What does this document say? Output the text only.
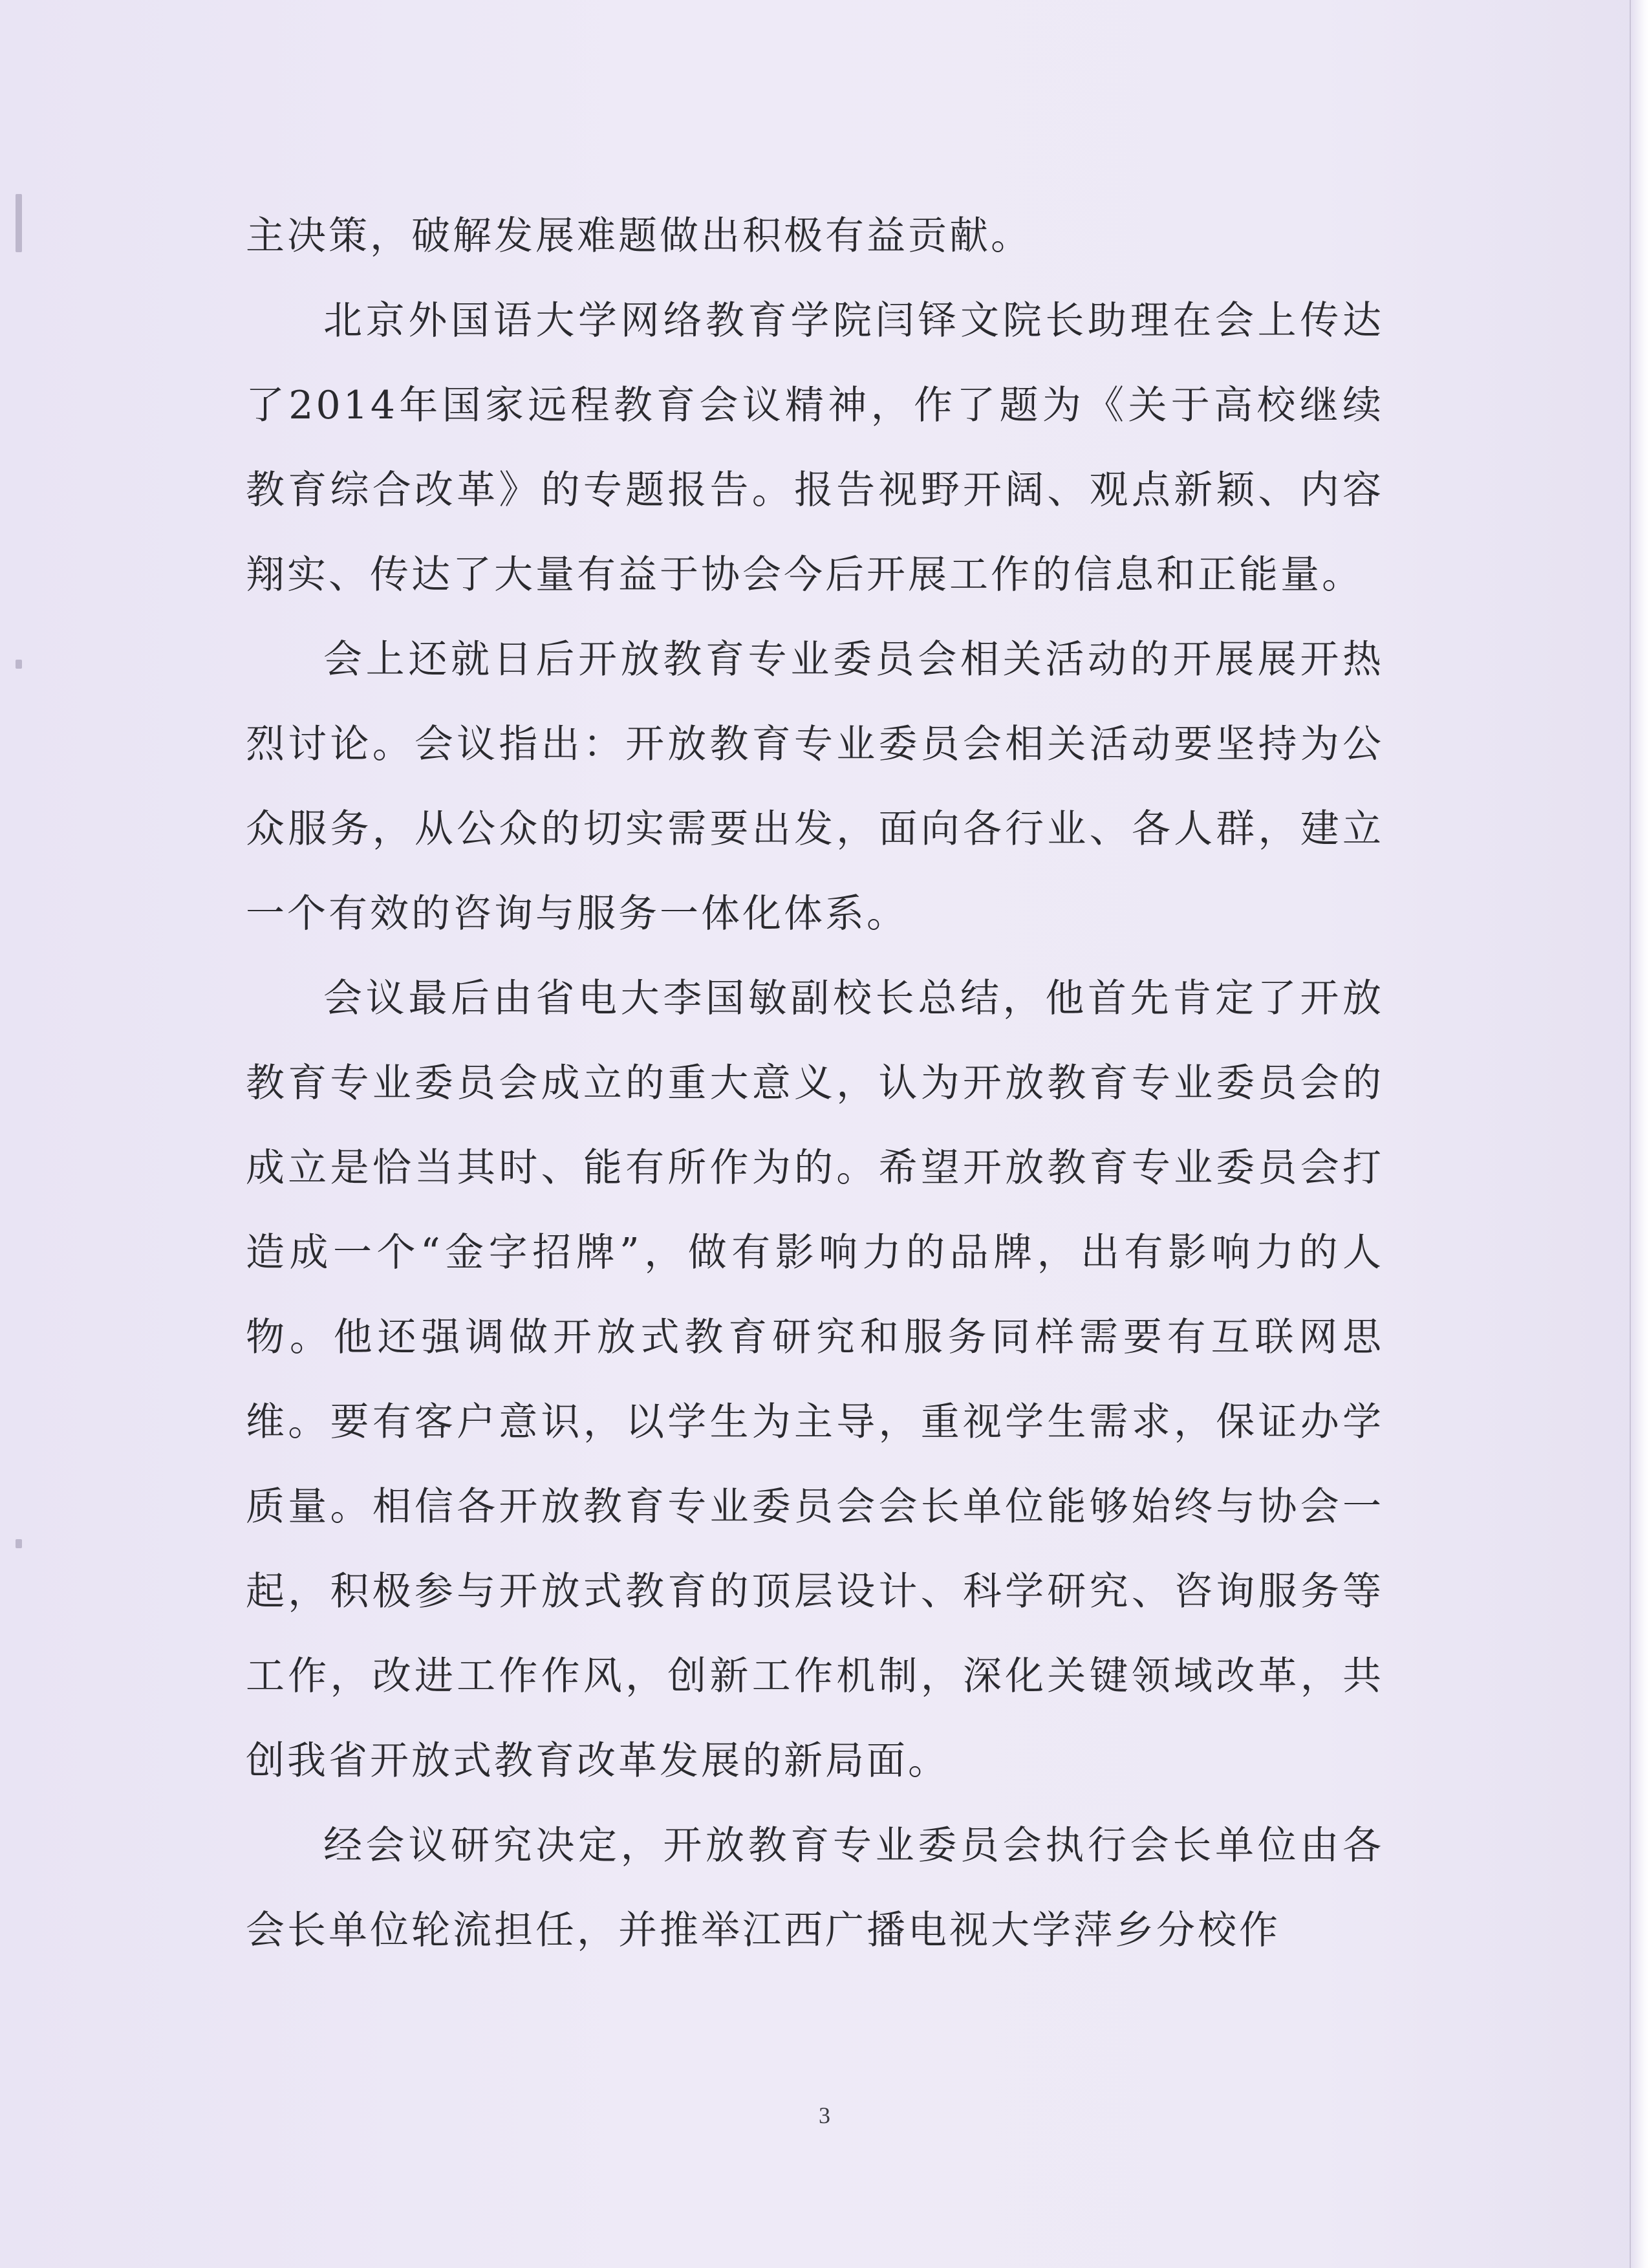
主决策，破解发展难题做出积极有益贡献。

北京外国语大学网络教育学院闫铎文院长助理在会上传达了2014年国家远程教育会议精神，作了题为《关于高校继续教育综合改革》的专题报告。报告视野开阔、观点新颖、内容翔实、传达了大量有益于协会今后开展工作的信息和正能量。

会上还就日后开放教育专业委员会相关活动的开展展开热烈讨论。会议指出：开放教育专业委员会相关活动要坚持为公众服务，从公众的切实需要出发，面向各行业、各人群，建立一个有效的咨询与服务一体化体系。

会议最后由省电大李国敏副校长总结，他首先肯定了开放教育专业委员会成立的重大意义，认为开放教育专业委员会的成立是恰当其时、能有所作为的。希望开放教育专业委员会打造成一个“金字招牌”，做有影响力的品牌，出有影响力的人物。他还强调做开放式教育研究和服务同样需要有互联网思维。要有客户意识，以学生为主导，重视学生需求，保证办学质量。相信各开放教育专业委员会会长单位能够始终与协会一起，积极参与开放式教育的顶层设计、科学研究、咨询服务等工作，改进工作作风，创新工作机制，深化关键领域改革，共创我省开放式教育改革发展的新局面。

经会议研究决定，开放教育专业委员会执行会长单位由各会长单位轮流担任，并推举江西广播电视大学萍乡分校作

3
